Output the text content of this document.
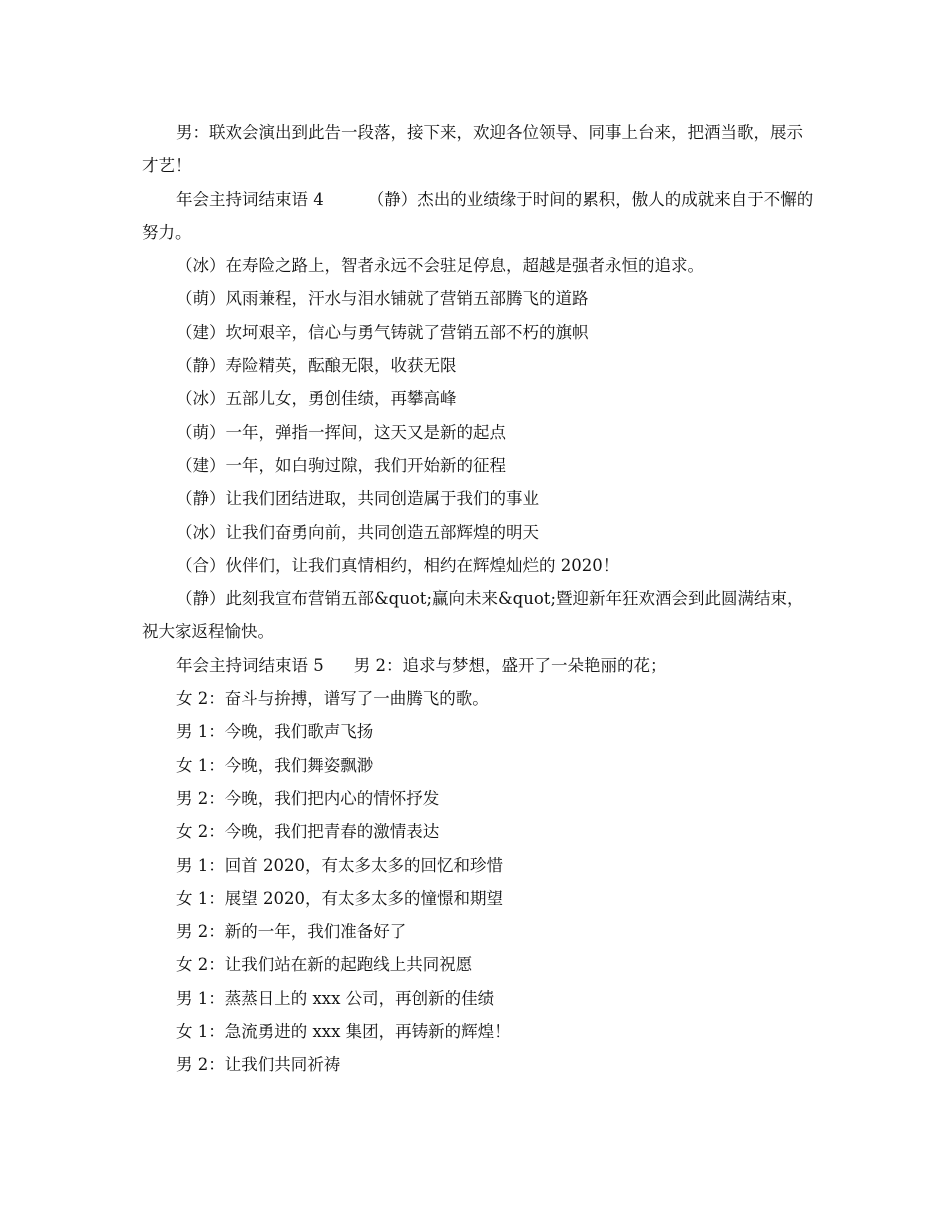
男：联欢会演出到此告一段落，接下来，欢迎各位领导、同事上台来，把酒当歌，展示才艺！

年会主持词结束语 4	（静）杰出的业绩缘于时间的累积，傲人的成就来自于不懈的努力。

（冰）在寿险之路上，智者永远不会驻足停息，超越是强者永恒的追求。

（萌）风雨兼程，汗水与泪水铺就了营销五部腾飞的道路

（建）坎坷艰辛，信心与勇气铸就了营销五部不朽的旗帜

（静）寿险精英，酝酿无限，收获无限

（冰）五部儿女，勇创佳绩，再攀高峰

（萌）一年，弹指一挥间，这天又是新的起点

（建）一年，如白驹过隙，我们开始新的征程

（静）让我们团结进取，共同创造属于我们的事业

（冰）让我们奋勇向前，共同创造五部辉煌的明天

（合）伙伴们，让我们真情相约，相约在辉煌灿烂的 2020！

（静）此刻我宣布营销五部&quot;赢向未来&quot;暨迎新年狂欢酒会到此圆满结束，祝大家返程愉快。

年会主持词结束语 5 男 2：追求与梦想，盛开了一朵艳丽的花；

女 2：奋斗与拚搏，谱写了一曲腾飞的歌。

男 1：今晚，我们歌声飞扬

女 1：今晚，我们舞姿飘渺

男 2：今晚，我们把内心的情怀抒发

女 2：今晚，我们把青春的激情表达

男 1：回首 2020，有太多太多的回忆和珍惜

女 1：展望 2020，有太多太多的憧憬和期望

男 2：新的一年，我们准备好了

女 2：让我们站在新的起跑线上共同祝愿

男 1：蒸蒸日上的 xxx 公司，再创新的佳绩

女 1：急流勇进的 xxx 集团，再铸新的辉煌！

男 2：让我们共同祈祷
